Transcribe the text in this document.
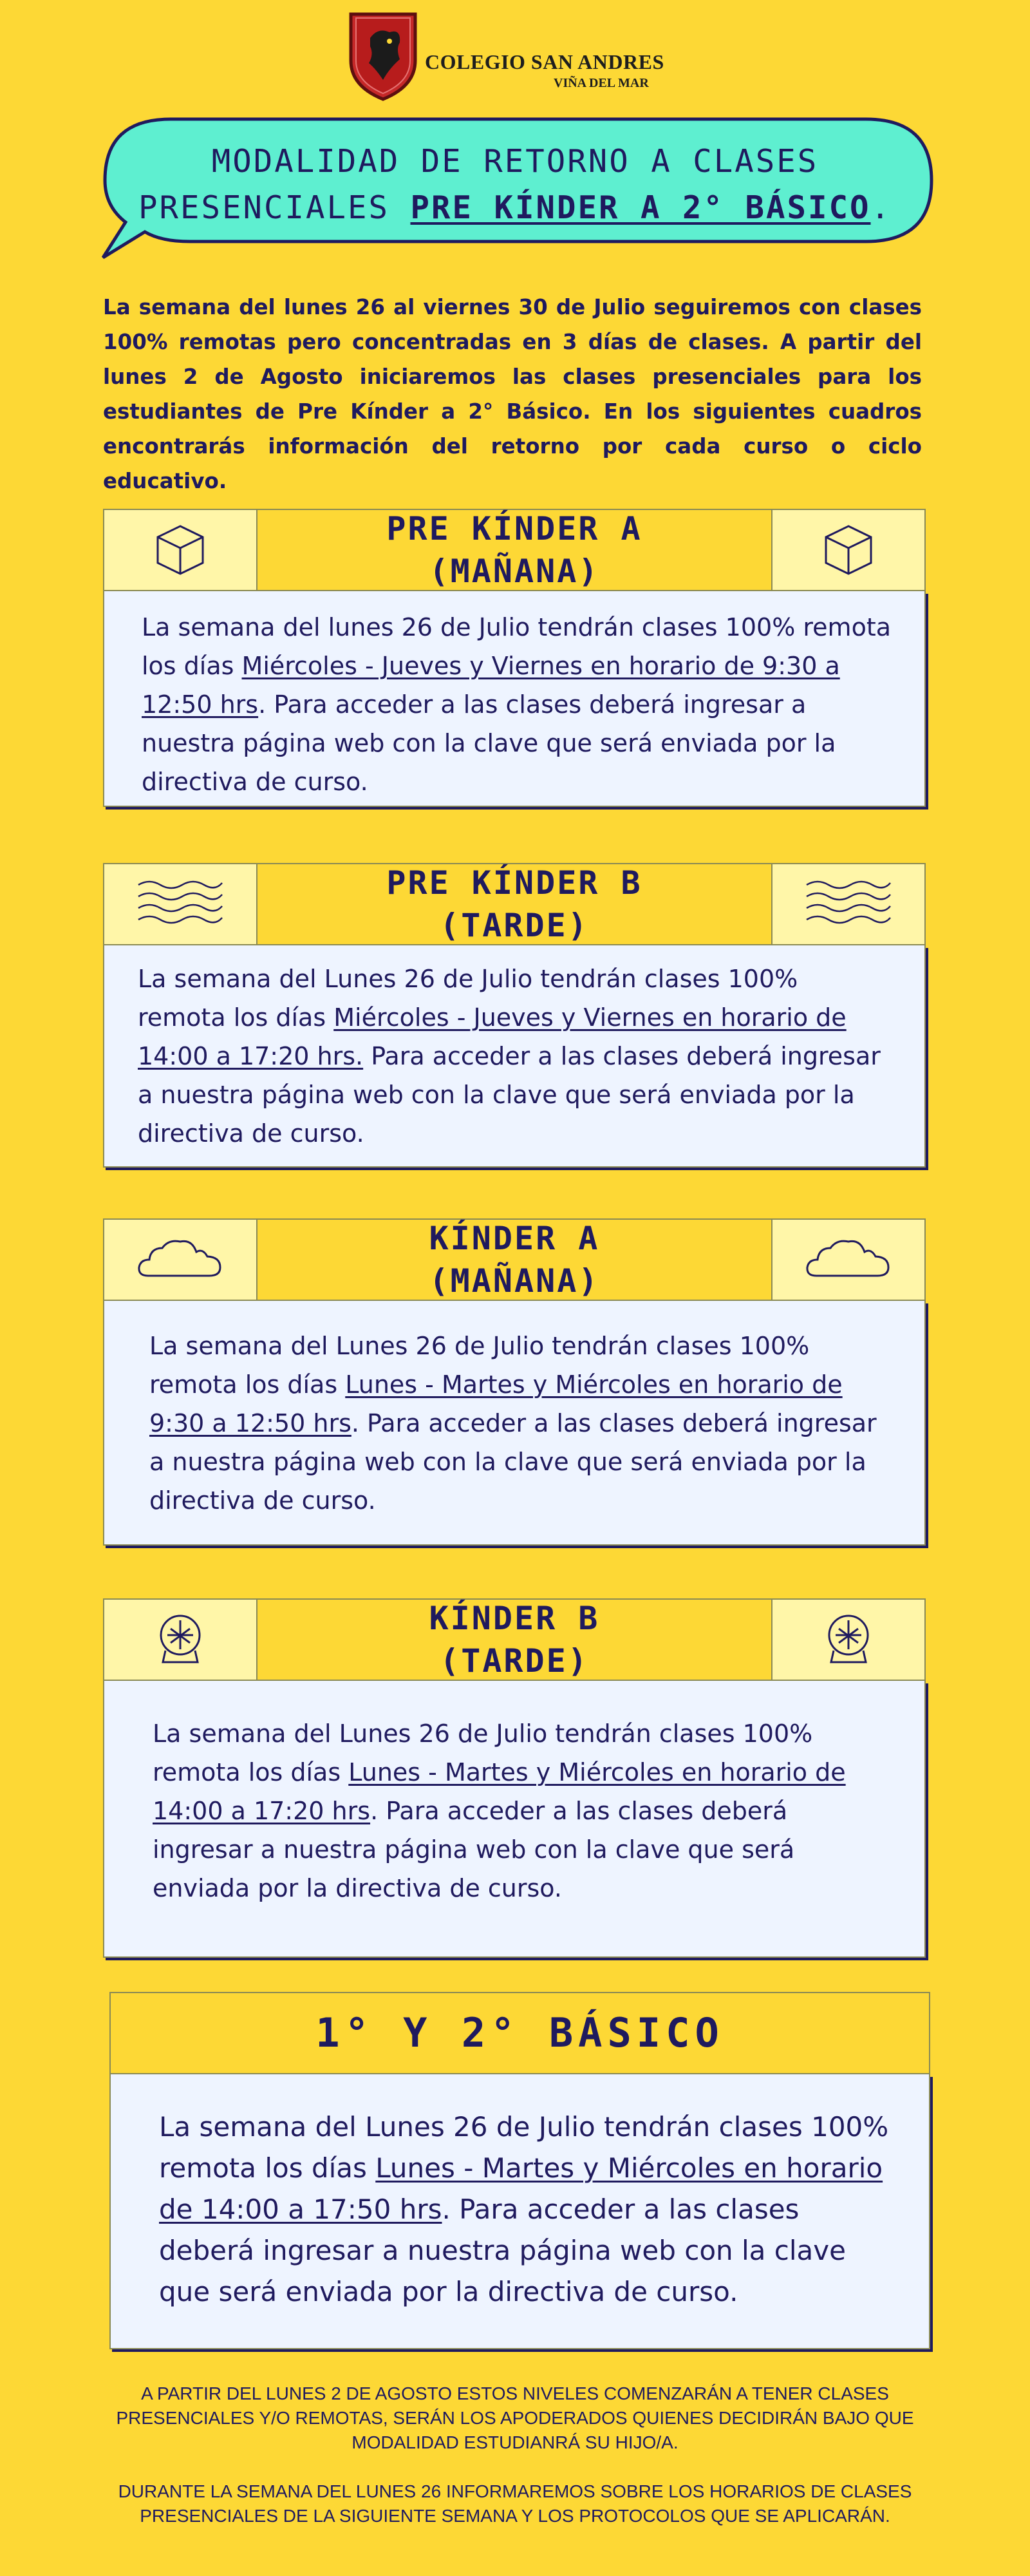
COLEGIO SAN ANDRES
VIÑA DEL MAR
MODALIDAD DE RETORNO A CLASES
PRESENCIALES PRE KÍNDER A 2° BÁSICO.
La semana del lunes 26 al viernes 30 de Julio seguiremos con clases 100% remotas pero concentradas en 3 días de clases. A partir del lunes 2 de Agosto iniciaremos las clases presenciales para los estudiantes de Pre Kínder a 2° Básico. En los siguientes cuadros encontrarás información del retorno por cada curso o ciclo educativo.
PRE KÍNDER A
(MAÑANA)
La semana del lunes 26 de Julio tendrán clases 100% remota los días Miércoles - Jueves y Viernes en horario de 9:30 a 12:50 hrs. Para acceder a las clases deberá ingresar a nuestra página web con la clave que será enviada por la directiva de curso.
PRE KÍNDER B
(TARDE)
La semana del Lunes 26 de Julio tendrán clases 100% remota los días Miércoles - Jueves y Viernes en horario de 14:00 a 17:20 hrs. Para acceder a las clases deberá ingresar a nuestra página web con la clave que será enviada por la directiva de curso.
KÍNDER A
(MAÑANA)
La semana del Lunes 26 de Julio tendrán clases 100% remota los días Lunes - Martes y Miércoles en horario de 9:30 a 12:50 hrs. Para acceder a las clases deberá ingresar a nuestra página web con la clave que será enviada por la directiva de curso.
KÍNDER B
(TARDE)
La semana del Lunes 26 de Julio tendrán clases 100% remota los días Lunes - Martes y Miércoles en horario de 14:00 a 17:20 hrs. Para acceder a las clases deberá ingresar a nuestra página web con la clave que será enviada por la directiva de curso.
1° Y 2° BÁSICO
La semana del Lunes 26 de Julio tendrán clases 100% remota los días Lunes - Martes y Miércoles en horario de 14:00 a 17:50 hrs. Para acceder a las clases deberá ingresar a nuestra página web con la clave que será enviada por la directiva de curso.
A PARTIR DEL LUNES 2 DE AGOSTO ESTOS NIVELES COMENZARÁN A TENER CLASES PRESENCIALES Y/O REMOTAS, SERÁN LOS APODERADOS QUIENES DECIDIRÁN BAJO QUE MODALIDAD ESTUDIANRÁ SU HIJO/A.
DURANTE LA SEMANA DEL LUNES 26 INFORMAREMOS SOBRE LOS HORARIOS DE CLASES PRESENCIALES DE LA SIGUIENTE SEMANA Y LOS PROTOCOLOS QUE SE APLICARÁN.
